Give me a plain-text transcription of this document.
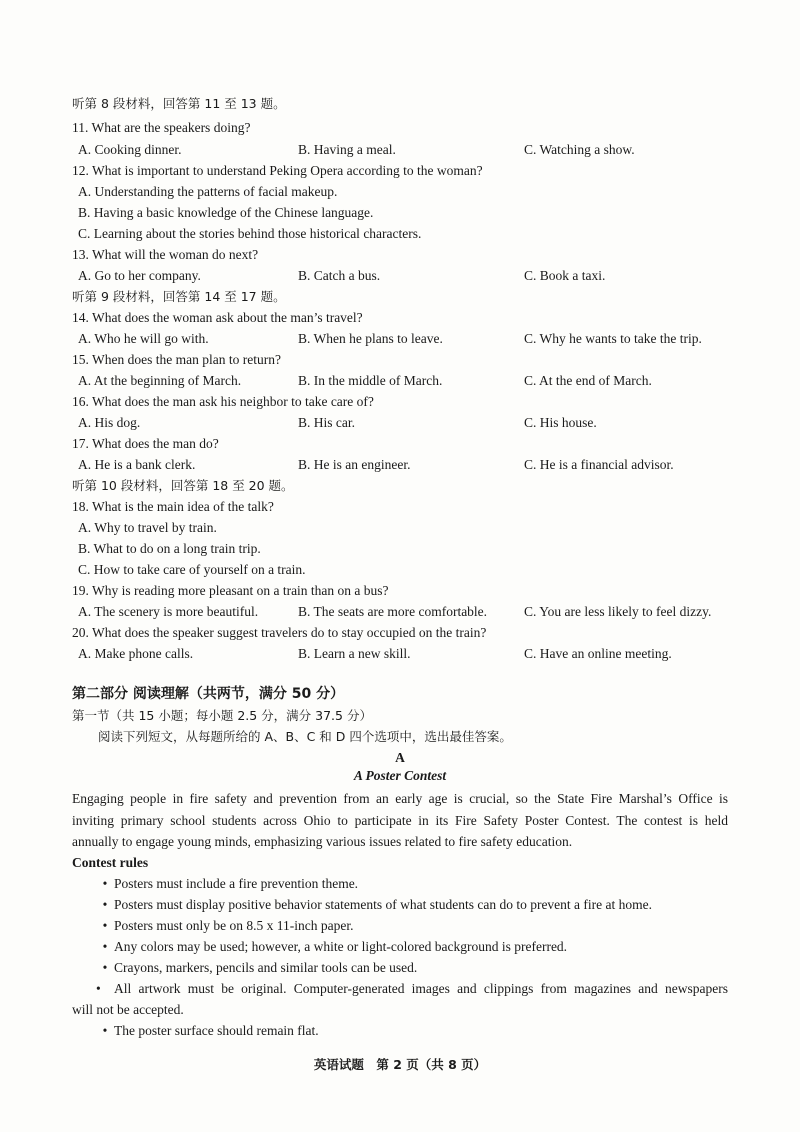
听第 8 段材料，回答第 11 至 13 题。
11. What are the speakers doing?
A. Cooking dinner.	B. Having a meal.	C. Watching a show.
12. What is important to understand Peking Opera according to the woman?
A. Understanding the patterns of facial makeup.
B. Having a basic knowledge of the Chinese language.
C. Learning about the stories behind those historical characters.
13. What will the woman do next?
A. Go to her company.	B. Catch a bus.	C. Book a taxi.
听第 9 段材料，回答第 14 至 17 题。
14. What does the woman ask about the man’s travel?
A. Who he will go with.	B. When he plans to leave.	C. Why he wants to take the trip.
15. When does the man plan to return?
A. At the beginning of March.	B. In the middle of March.	C. At the end of March.
16. What does the man ask his neighbor to take care of?
A. His dog.	B. His car.	C. His house.
17. What does the man do?
A. He is a bank clerk.	B. He is an engineer.	C. He is a financial advisor.
听第 10 段材料，回答第 18 至 20 题。
18. What is the main idea of the talk?
A. Why to travel by train.
B. What to do on a long train trip.
C. How to take care of yourself on a train.
19. Why is reading more pleasant on a train than on a bus?
A. The scenery is more beautiful.	B. The seats are more comfortable.	C. You are less likely to feel dizzy.
20. What does the speaker suggest travelers do to stay occupied on the train?
A. Make phone calls.	B. Learn a new skill.	C. Have an online meeting.
第二部分 阅读理解（共两节，满分 50 分）
第一节（共 15 小题；每小题 2.5 分，满分 37.5 分）
阅读下列短文，从每题所给的 A、B、C 和 D 四个选项中，选出最佳答案。
A
A Poster Contest
Engaging people in fire safety and prevention from an early age is crucial, so the State Fire Marshal’s Office is
inviting primary school students across Ohio to participate in its Fire Safety Poster Contest. The contest is held
annually to engage young minds, emphasizing various issues related to fire safety education.
Contest rules
• Posters must include a fire prevention theme.
• Posters must display positive behavior statements of what students can do to prevent a fire at home.
• Posters must only be on 8.5 x 11-inch paper.
• Any colors may be used; however, a white or light-colored background is preferred.
• Crayons, markers, pencils and similar tools can be used.
• All artwork must be original. Computer-generated images and clippings from magazines and newspapers
will not be accepted.
• The poster surface should remain flat.
英语试题　第 2 页（共 8 页）
